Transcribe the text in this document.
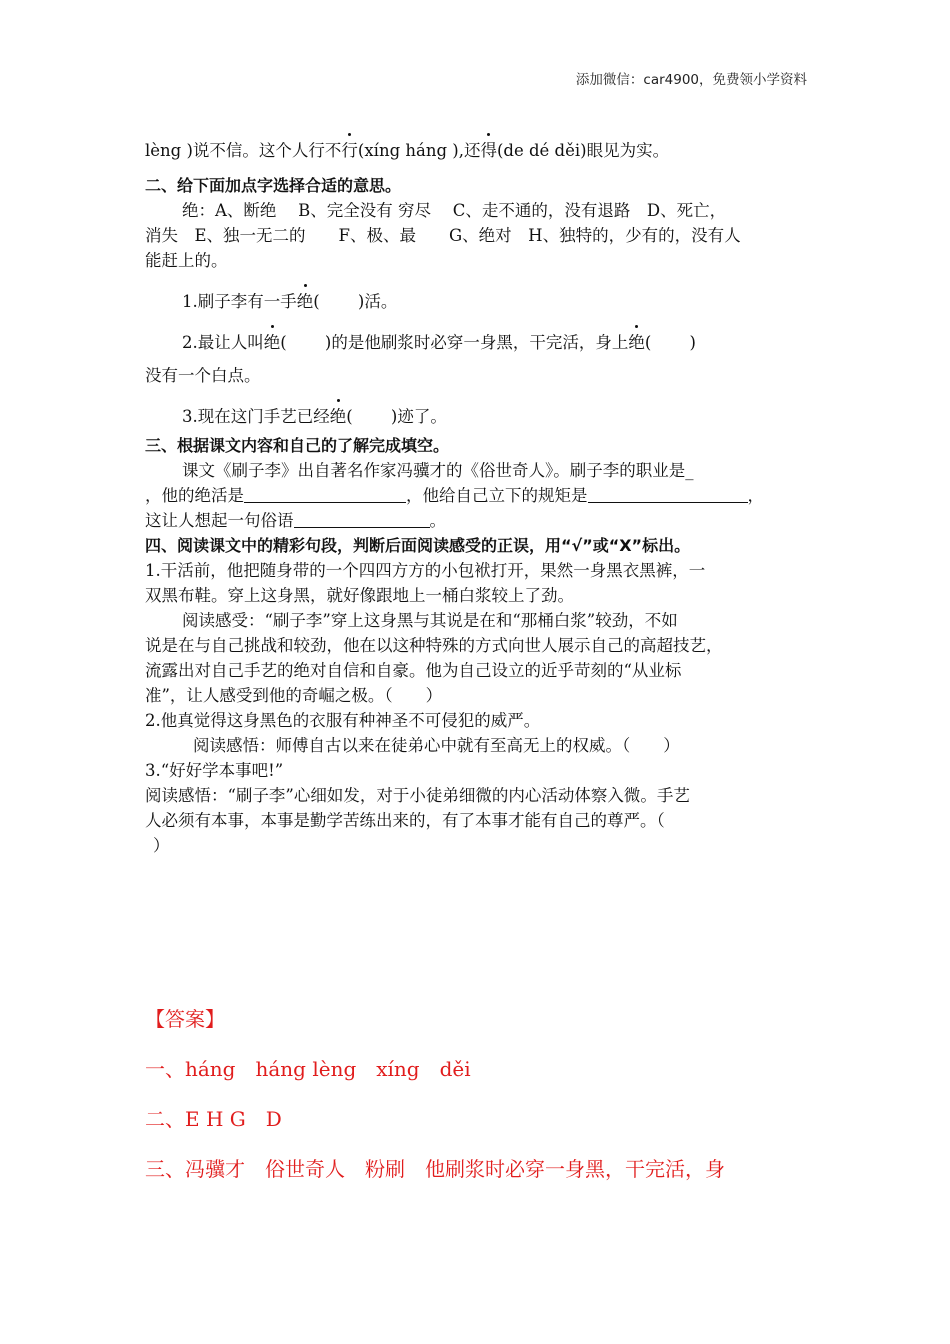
添加微信：car4900，免费领小学资料
lèng )说不信。这个人行不行(xíng háng ),还得(de dé děi)眼见为实。
二、给下面加点字选择合适的意思。
绝：A、断绝　 B、完全没有 穷尽　 C、走不通的，没有退路　D、死亡，
消失　E、独一无二的　　F、极、最　　G、绝对　H、独特的，少有的，没有人
能赶上的。
1.刷子李有一手绝(　　 )活。
2.最让人叫绝(　　 )的是他刷浆时必穿一身黑，干完活，身上绝(　　 )
没有一个白点。
3.现在这门手艺已经绝(　　 )迹了。
三、根据课文内容和自己的了解完成填空。
课文《刷子李》出自著名作家冯骥才的《俗世奇人》。刷子李的职业是_
，他的绝活是	，他给自己立下的规矩是	，
这让人想起一句俗语	。
四、阅读课文中的精彩句段，判断后面阅读感受的正误，用“√”或“X”标出。
1.干活前，他把随身带的一个四四方方的小包袱打开，果然一身黑衣黑裤，一
双黑布鞋。穿上这身黑，就好像跟地上一桶白浆较上了劲。
阅读感受：“刷子李”穿上这身黑与其说是在和“那桶白浆”较劲，不如
说是在与自己挑战和较劲，他在以这种特殊的方式向世人展示自己的高超技艺，
流露出对自己手艺的绝对自信和自豪。他为自己设立的近乎苛刻的“从业标
准”，让人感受到他的奇崛之极。（　　）
2.他真觉得这身黑色的衣服有种神圣不可侵犯的威严。
阅读感悟：师傅自古以来在徒弟心中就有至高无上的权威。（　　）
3.“好好学本事吧!”
阅读感悟：“刷子李”心细如发，对于小徒弟细微的内心活动体察入微。手艺
人必须有本事，本事是勤学苦练出来的，有了本事才能有自己的尊严。（
）
【答案】
一、háng　háng lèng　xíng　děi
二、E H G　D
三、冯骥才　俗世奇人　粉刷　他刷浆时必穿一身黑，干完活，身
